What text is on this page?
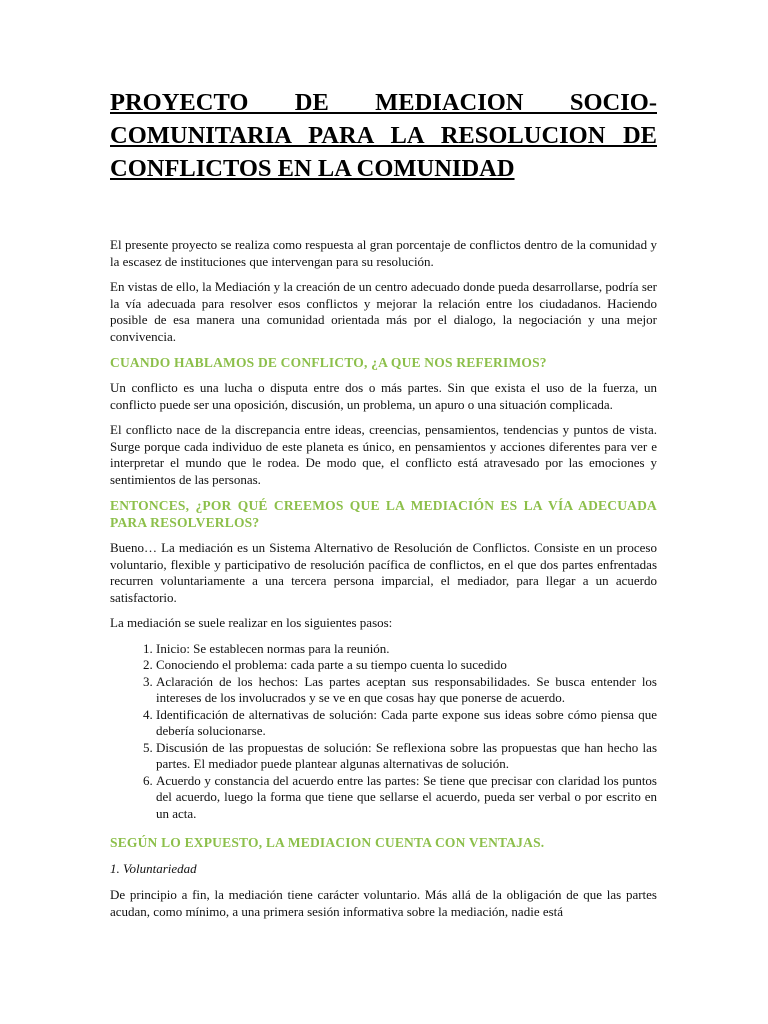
PROYECTO DE MEDIACION SOCIO-
COMUNITARIA PARA LA RESOLUCION DE
CONFLICTOS EN LA COMUNIDAD

El presente proyecto se realiza como respuesta al gran porcentaje de conflictos dentro de la comunidad y la escasez de instituciones que intervengan para su resolución.

En vistas de ello, la Mediación y la creación de un centro adecuado donde pueda desarrollarse, podría ser la vía adecuada para resolver esos conflictos y mejorar la relación entre los ciudadanos. Haciendo posible de esa manera una comunidad orientada más por el dialogo, la negociación y una mejor convivencia.

CUANDO HABLAMOS DE CONFLICTO, ¿A QUE NOS REFERIMOS?

Un conflicto es una lucha o disputa entre dos o más partes. Sin que exista el uso de la fuerza, un conflicto puede ser una oposición, discusión, un problema, un apuro o una situación complicada.

El conflicto nace de la discrepancia entre ideas, creencias, pensamientos, tendencias y puntos de vista. Surge porque cada individuo de este planeta es único, en pensamientos y acciones diferentes para ver e interpretar el mundo que le rodea. De modo que, el conflicto está atravesado por las emociones y sentimientos de las personas.

ENTONCES, ¿POR QUÉ CREEMOS QUE LA MEDIACIÓN ES LA VÍA ADECUADA PARA RESOLVERLOS?

Bueno… La mediación es un Sistema Alternativo de Resolución de Conflictos. Consiste en un proceso voluntario, flexible y participativo de resolución pacífica de conflictos, en el que dos partes enfrentadas recurren voluntariamente a una tercera persona imparcial, el mediador, para llegar a un acuerdo satisfactorio.

La mediación se suele realizar en los siguientes pasos:

1. Inicio: Se establecen normas para la reunión.
2. Conociendo el problema: cada parte a su tiempo cuenta lo sucedido
3. Aclaración de los hechos: Las partes aceptan sus responsabilidades. Se busca entender los intereses de los involucrados y se ve en que cosas hay que ponerse de acuerdo.
4. Identificación de alternativas de solución: Cada parte expone sus ideas sobre cómo piensa que debería solucionarse.
5. Discusión de las propuestas de solución: Se reflexiona sobre las propuestas que han hecho las partes. El mediador puede plantear algunas alternativas de solución.
6. Acuerdo y constancia del acuerdo entre las partes: Se tiene que precisar con claridad los puntos del acuerdo, luego la forma que tiene que sellarse el acuerdo, pueda ser verbal o por escrito en un acta.
SEGÚN LO EXPUESTO, LA MEDIACION CUENTA CON VENTAJAS.

1. Voluntariedad

De principio a fin, la mediación tiene carácter voluntario. Más allá de la obligación de que las partes acudan, como mínimo, a una primera sesión informativa sobre la mediación, nadie está
